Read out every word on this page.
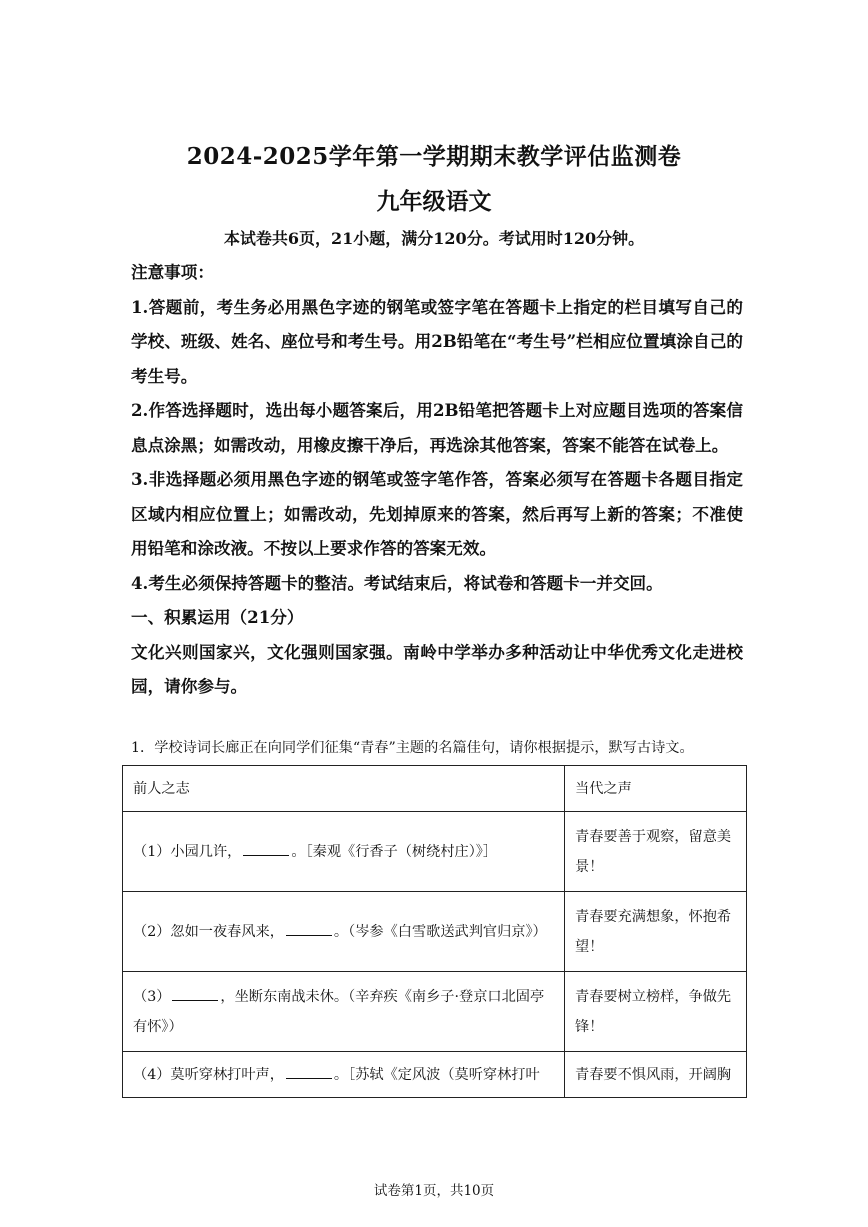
2024-2025学年第一学期期末教学评估监测卷
九年级语文
本试卷共6页，21小题，满分120分。考试用时120分钟。

注意事项：

1.答题前，考生务必用黑色字迹的钢笔或签字笔在答题卡上指定的栏目填写自己的学校、班级、姓名、座位号和考生号。用2B铅笔在“考生号”栏相应位置填涂自己的考生号。

2.作答选择题时，选出每小题答案后，用2B铅笔把答题卡上对应题目选项的答案信息点涂黑；如需改动，用橡皮擦干净后，再选涂其他答案，答案不能答在试卷上。

3.非选择题必须用黑色字迹的钢笔或签字笔作答，答案必须写在答题卡各题目指定区域内相应位置上；如需改动，先划掉原来的答案，然后再写上新的答案；不准使用铅笔和涂改液。不按以上要求作答的答案无效。

4.考生必须保持答题卡的整洁。考试结束后，将试卷和答题卡一并交回。

一、积累运用（21分）

文化兴则国家兴，文化强则国家强。南岭中学举办多种活动让中华优秀文化走进校园，请你参与。

1．学校诗词长廊正在向同学们征集“青春”主题的名篇佳句，请你根据提示，默写古诗文。
前人之志	当代之声
（1）小园几许， 。［秦观《行香子（树绕村庄）》］	青春要善于观察，留意美景！
（2）忽如一夜春风来， 。（岑参《白雪歌送武判官归京》）	青春要充满想象，怀抱希望！
（3） ，坐断东南战未休。（辛弃疾《南乡子·登京口北固亭有怀》）	青春要树立榜样，争做先锋！
（4）莫听穿林打叶声， 。［苏轼《定风波（莫听穿林打叶	青春要不惧风雨，开阔胸
试卷第1页，共10页
